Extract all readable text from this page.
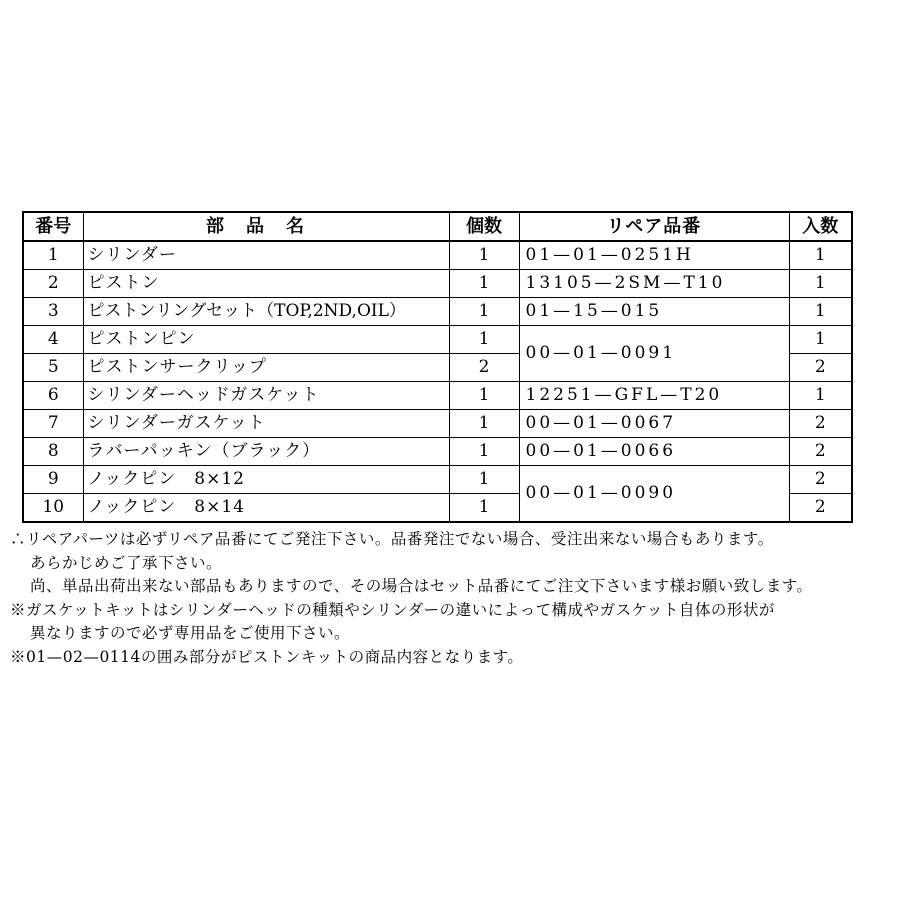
番号	部品名	個数	リペア品番	入数
1	シリンダー	1	01—01—0251H	1
2	ピストン	1	13105—2SM—T10	1
3	ピストンリングセット（TOP,2ND,OIL）	1	01—15—015	1
4	ピストンピン	1	00—01—0091	1
5	ピストンサークリップ	2		2
6	シリンダーヘッドガスケット	1	12251—GFL—T20	1
7	シリンダーガスケット	1	00—01—0067	2
8	ラバーパッキン（ブラック）	1	00—01—0066	2
9	ノックピン　8×12	1	00—01—0090	2
10	ノックピン　8×14	1		2
∴リペアパーツは必ずリペア品番にてご発注下さい。品番発注でない場合、受注出来ない場合もあります。
あらかじめご了承下さい。
尚、単品出荷出来ない部品もありますので、その場合はセット品番にてご注文下さいます様お願い致します。
※ガスケットキットはシリンダーヘッドの種類やシリンダーの違いによって構成やガスケット自体の形状が
異なりますので必ず専用品をご使用下さい。
※01—02—0114の囲み部分がピストンキットの商品内容となります。
